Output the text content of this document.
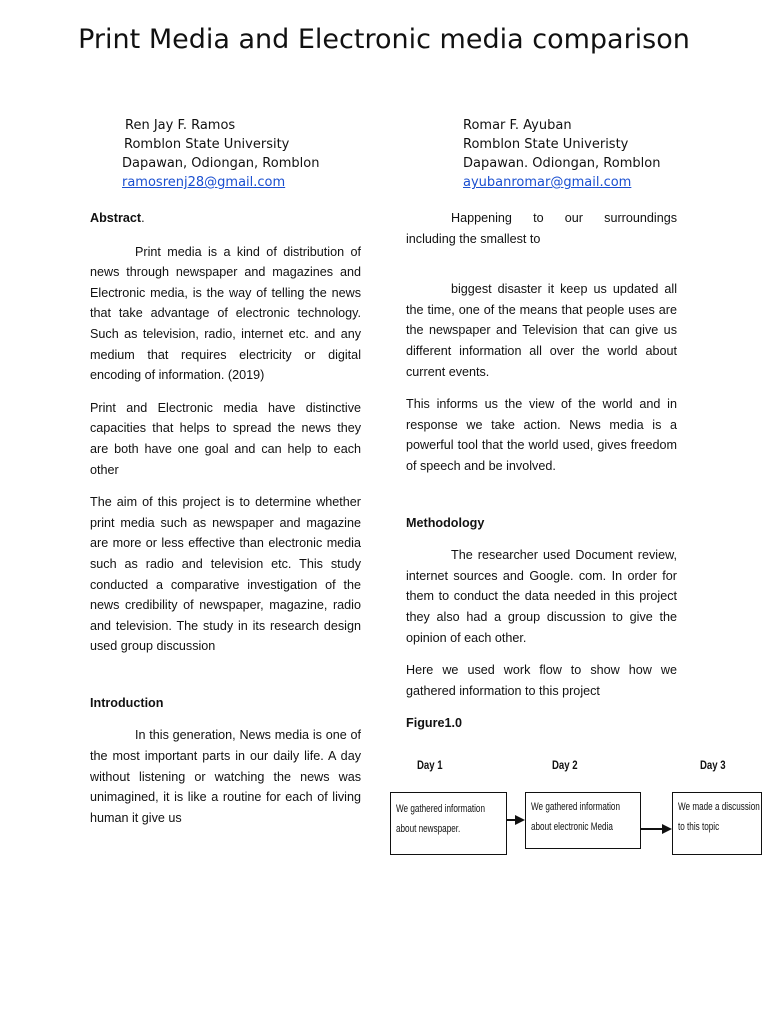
Print Media and Electronic media comparison
Ren Jay F. Ramos
Romblon State University
Dapawan, Odiongan, Romblon
ramosrenj28@gmail.com
Romar F. Ayuban
Romblon State Univeristy
Dapawan. Odiongan, Romblon
ayubanromar@gmail.com

Abstract.

Print media is a kind of distribution of news through newspaper and magazines and Electronic media, is the way of telling the news that take advantage of electronic technology. Such as television, radio, internet etc. and any medium that requires electricity or digital encoding of information. (2019)

Print and Electronic media have distinctive capacities that helps to spread the news they are both have one goal and can help to each other

The aim of this project is to determine whether print media such as newspaper and magazine are more or less effective than electronic media such as radio and television etc. This study conducted a comparative investigation of the news credibility of newspaper, magazine, radio and television. The study in its research design used group discussion

Introduction

In this generation, News media is one of the most important parts in our daily life. A day without listening or watching the news was unimagined, it is like a routine for each of living human it give us

Happening to our surroundings including the smallest to

biggest disaster it keep us updated all the time, one of the means that people uses are the newspaper and Television that can give us different information all over the world about current events.

This informs us the view of the world and in response we take action. News media is a powerful tool that the world used, gives freedom of speech and be involved.

Methodology

The researcher used Document review, internet sources and Google. com. In order for them to conduct the data needed in this project they also had a group discussion to give the opinion of each other.

Here we used work flow to show how we gathered information to this project

Figure1.0

Day 1	Day 2	Day 3
We gathered information
about newspaper.
We gathered information
about electronic Media
We made a discussion
to this topic
